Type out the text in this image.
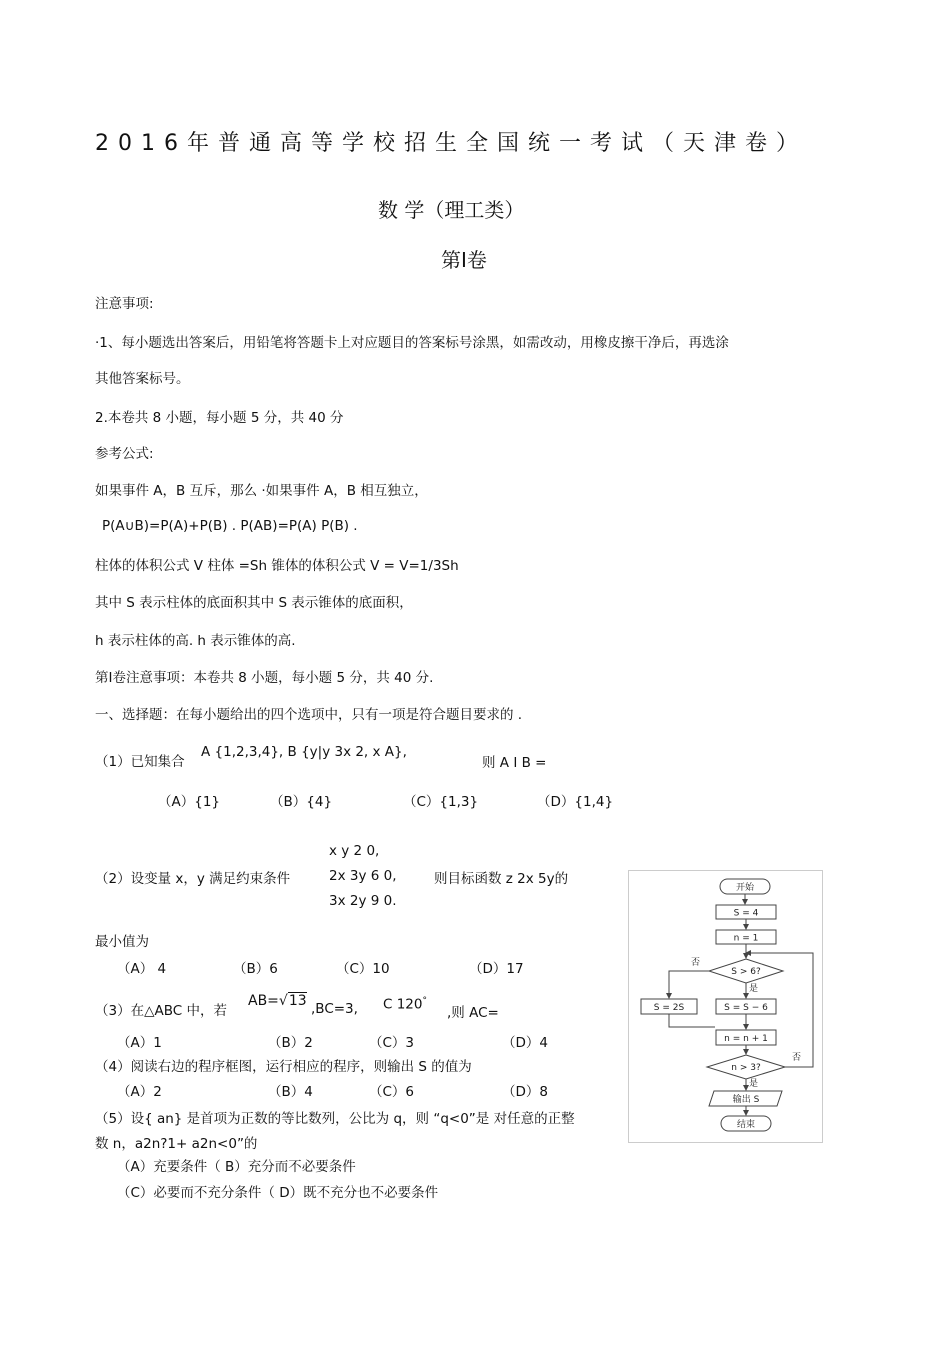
2016年普通高等学校招生全国统一考试（天津卷）
数 学（理工类）
第Ⅰ卷
注意事项:
·1、每小题选出答案后，用铅笔将答题卡上对应题目的答案标号涂黑，如需改动，用橡皮擦干净后，再选涂
其他答案标号。
2.本卷共 8 小题，每小题 5 分，共 40 分
参考公式:
如果事件 A，B 互斥，那么 ·如果事件 A，B 相互独立，
P(A∪B)=P(A)+P(B) . P(AB)=P(A) P(B) .
柱体的体积公式 V 柱体 =Sh 锥体的体积公式 V = V=1/3Sh
其中 S 表示柱体的底面积其中 S 表示锥体的底面积，
h 表示柱体的高. h 表示锥体的高.
第Ⅰ卷注意事项：本卷共 8 小题，每小题 5 分，共 40 分.
一、选择题：在每小题给出的四个选项中，只有一项是符合题目要求的 .
（1）已知集合
A {1,2,3,4}, B {y|y 3x 2, x A},
则 A I B =
（A）{1}	（B）{4}	（C）{1,3}	（D）{1,4}
x y 2 0,
（2）设变量 x，y 满足约束条件	2x 3y 6 0,	则目标函数 z 2x 5y的
3x 2y 9 0.
最小值为
（A） 4	（B）6	（C）10	（D）17
（3）在△ABC 中，若
AB=√13 ,BC=3, C 120°
,则 AC=
（A）1	（B）2	（C）3	（D）4
（4）阅读右边的程序框图，运行相应的程序，则输出 S 的值为
（A）2	（B）4	（C）6	（D）8
（5）设{ an} 是首项为正数的等比数列，公比为 q，则 “q<0”是 对任意的正整
数 n，a2n?1+ a2n<0”的
（A）充要条件（ B）充分而不必要条件
（C）必要而不充分条件（ D）既不充分也不必要条件
开始
S = 4
n = 1
S > 6?
否
是
S = 2S	S = S − 6
n = n + 1
n > 3?
否
是
输出 S
结束
